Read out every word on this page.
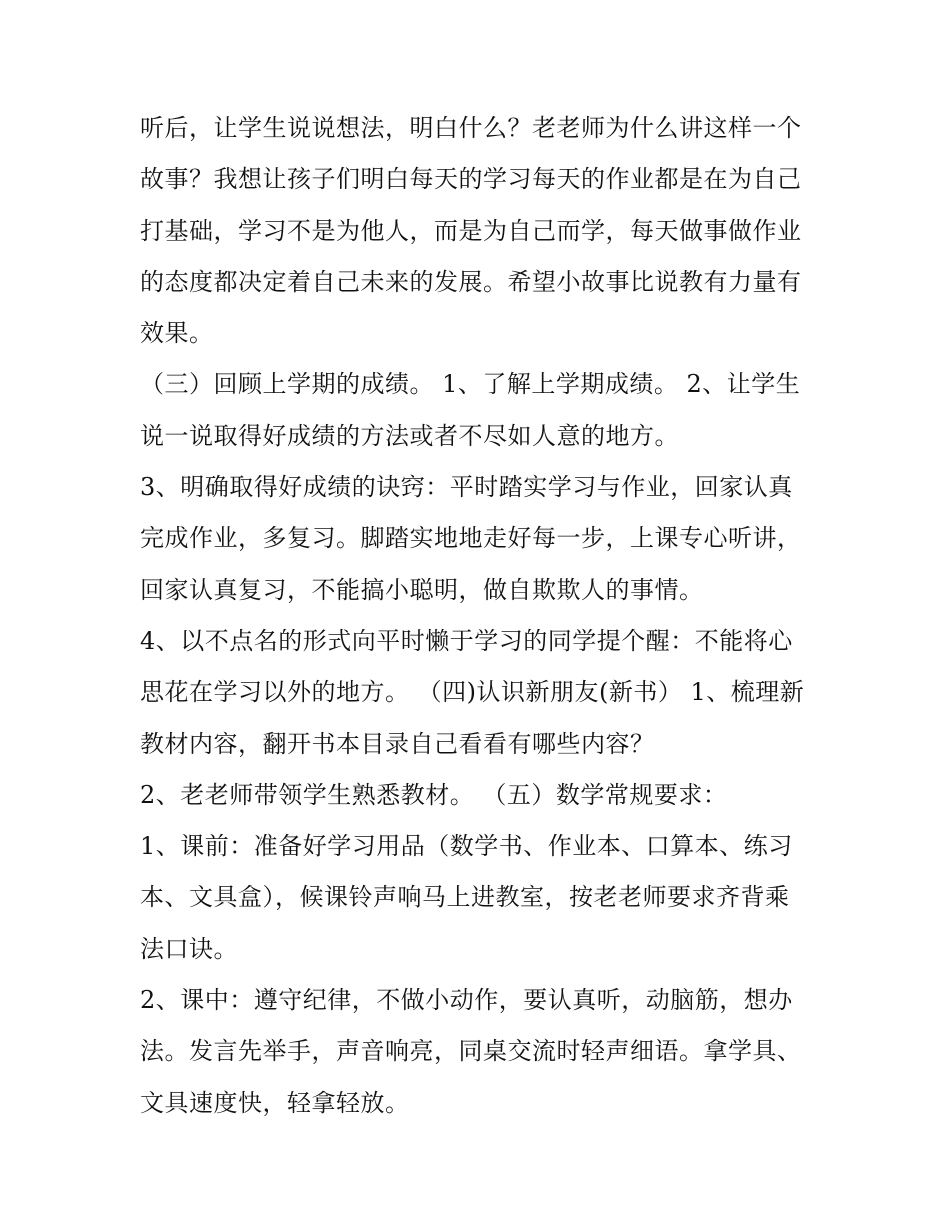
听后，让学生说说想法，明白什么？老老师为什么讲这样一个
故事？我想让孩子们明白每天的学习每天的作业都是在为自己
打基础，学习不是为他人，而是为自己而学，每天做事做作业
的态度都决定着自己未来的发展。希望小故事比说教有力量有
效果。

（三）回顾上学期的成绩。 1、了解上学期成绩。 2、让学生
说一说取得好成绩的方法或者不尽如人意的地方。

3、明确取得好成绩的诀窍：平时踏实学习与作业，回家认真
完成作业，多复习。脚踏实地地走好每一步，上课专心听讲，
回家认真复习，不能搞小聪明，做自欺欺人的事情。

4、以不点名的形式向平时懒于学习的同学提个醒：不能将心
思花在学习以外的地方。 （四)认识新朋友(新书） 1、梳理新
教材内容，翻开书本目录自己看看有哪些内容？

2、老老师带领学生熟悉教材。 （五）数学常规要求：

1、课前：准备好学习用品（数学书、作业本、口算本、练习
本、文具盒），候课铃声响马上进教室，按老老师要求齐背乘
法口诀。

2、课中：遵守纪律，不做小动作，要认真听，动脑筋，想办
法。发言先举手，声音响亮，同桌交流时轻声细语。拿学具、
文具速度快，轻拿轻放。
